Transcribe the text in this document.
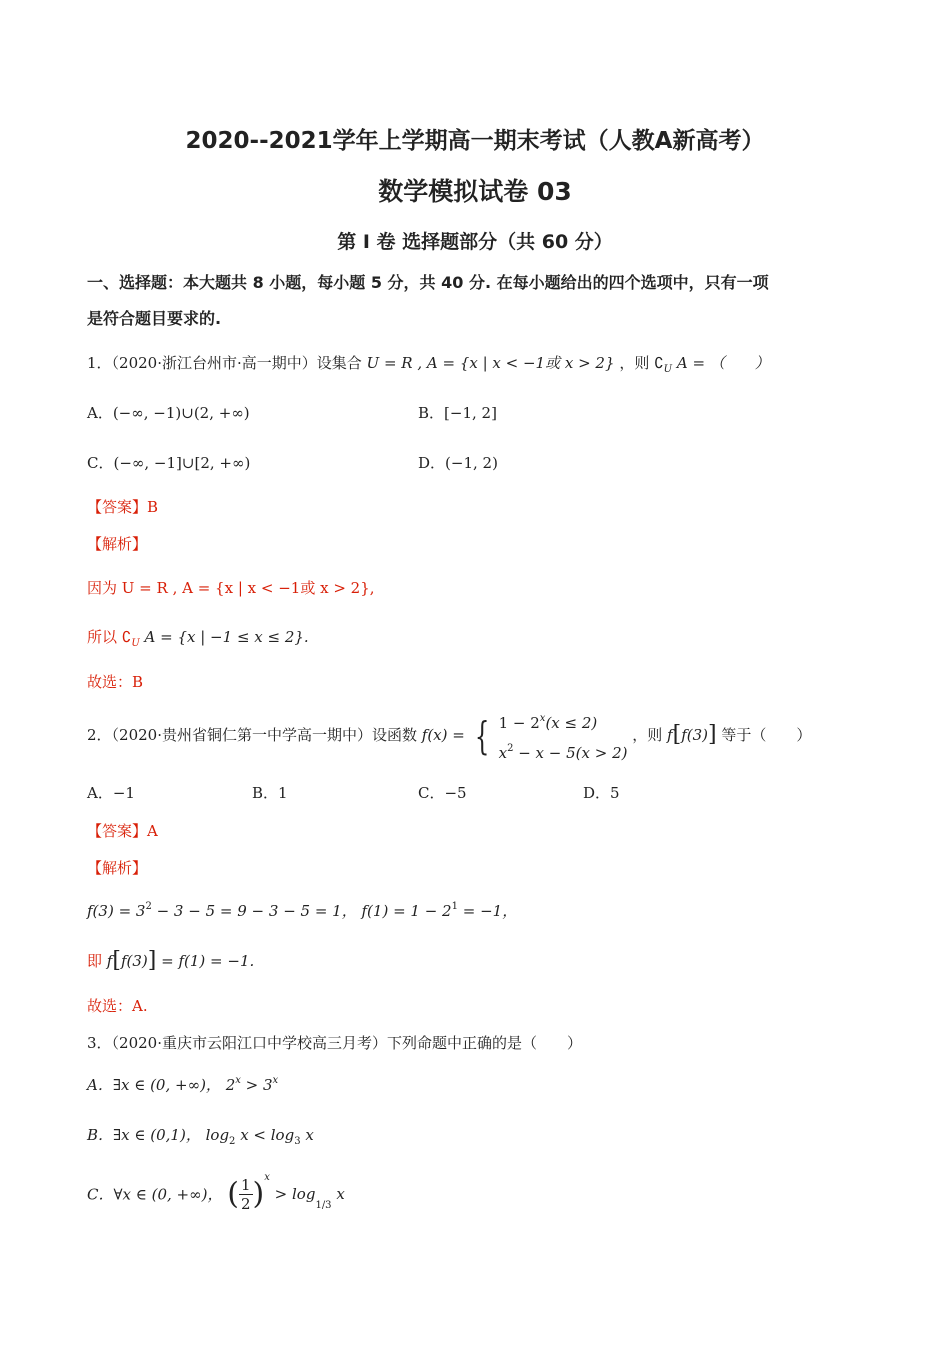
2020--2021学年上学期高一期末考试（人教A新高考）
数学模拟试卷 03
第 I 卷 选择题部分（共 60 分）
一、选择题：本大题共 8 小题，每小题 5 分，共 40 分. 在每小题给出的四个选项中，只有一项
是符合题目要求的.
1．（2020·浙江台州市·高一期中）设集合 U = R , A = {x | x < −1或 x > 2} ，则 $∁_U$ A = （　　）
A．(−∞, −1)∪(2, +∞)	B．[−1, 2]
C．(−∞, −1]∪[2, +∞)	D．(−1, 2)
【答案】B
【解析】
因为 U = R , A = {x | x < −1或 x > 2},
所以 $∁_U$ A = {x | −1 ≤ x ≤ 2}.
故选：B
2．（2020·贵州省铜仁第一中学高一期中）设函数 f(x) = { $1 - 2^x(x \le 2)$
$x^2 - x - 5(x > 2)$
，则 f[f(3)] 等于（　　）
A．−1	B．1	C．−5	D．5
【答案】A
【解析】
$f(3) = 3^2 - 3 - 5 = 9 - 3 - 5 = 1$， $f(1) = 1 - 2^1 = -1$，
即 f[f(3)] = f(1) = −1.
故选：A.
3．（2020·重庆市云阳江口中学校高三月考）下列命题中正确的是（　　）
A．∃x ∈ (0, +∞)， $2^x > 3^x$
B．∃x ∈ (0,1)， $\log_2 x < \log_3 x$
C．∀x ∈ (0, +∞)， ( $\frac{1}{2} )^x > \log_{1/3} x$
